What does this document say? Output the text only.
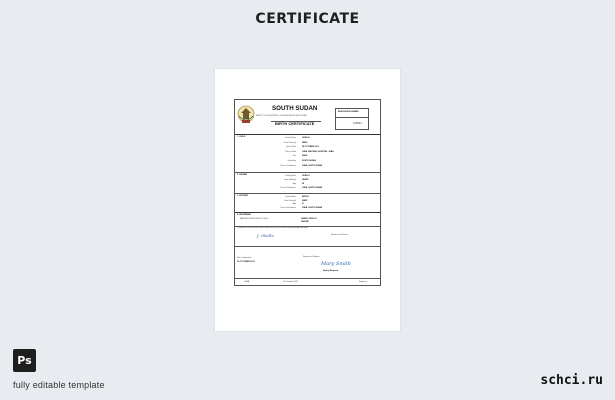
CERTIFICATE
SOUTH SUDAN
MINISTRY OF THE INTERIOR, CIVIL REGISTRATION DIRECTORATE
BIRTH CERTIFICATE
REGISTRATION NUMBER
120044
1. CHILD	Family Name	OKELLO
Given Name(s)	DENG
Date of Birth	14 OCTOBER 2012
Place of Birth	JUBA TEACHING HOSPITAL, JUBA
Sex	MALE
Nationality	SOUTH SUDAN
Place of Residence	JUBA, SOUTH SUDAN
2. FATHER	Family Name	OKELLO
Given Name(s)	JAMES
Age	38
Place of Residence	JUBA, SOUTH SUDAN
3. MOTHER	Family Name	AKECH
Given Name(s)	MARY
Age	31
Place of Residence	JUBA, SOUTH SUDAN
4. INFORMANT
NAME AND RELATIONSHIP TO CHILD	JAMES OKELLO
FATHER
I certify that the particulars entered above are true to the best of my knowledge and belief
J. Okello	Signature of Informant
Date of registration
14 OCTOBER 2012
Signature of Registrar
Mary Smith
Deputy Registrar
JUBA	14 October 2012	Registrar
Ps
fully editable template	schci.ru
